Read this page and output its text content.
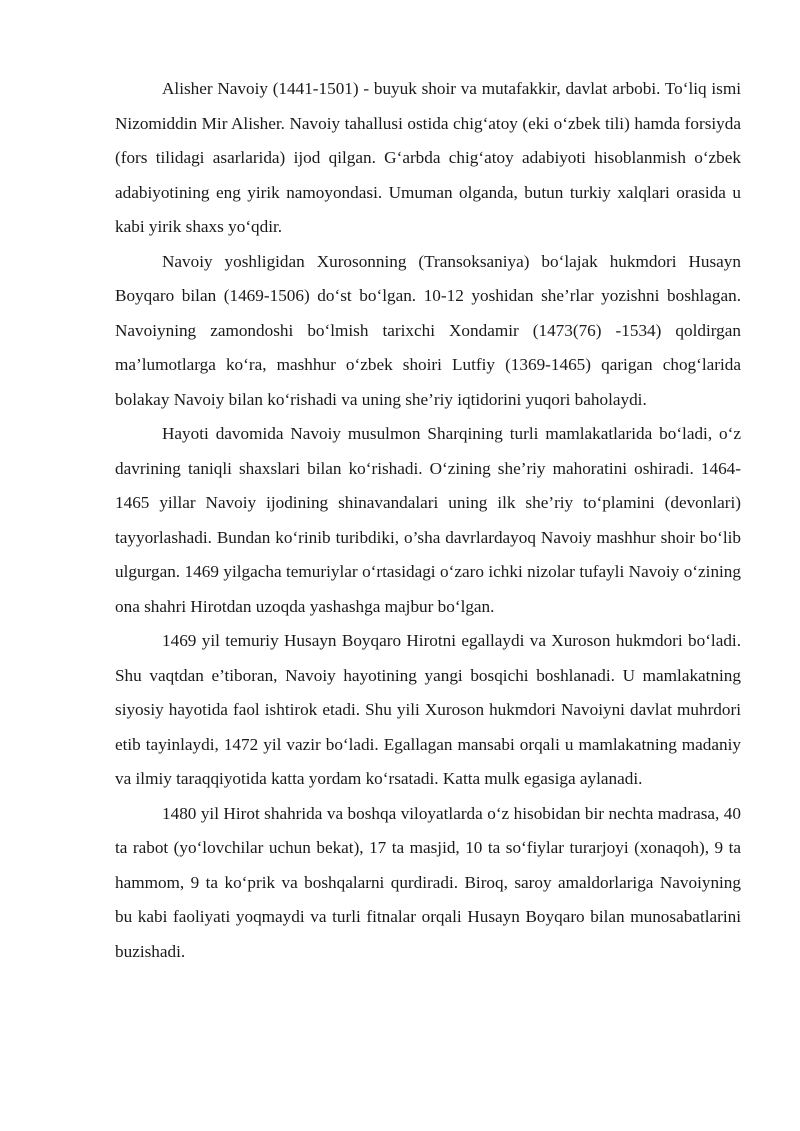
Alisher Navoiy (1441-1501) - buyuk shoir va mutafakkir, davlat arbobi. To‘liq ismi Nizomiddin Mir Alisher. Navoiy tahallusi ostida chig‘atoy (eki o‘zbek tili) hamda forsiyda (fors tilidagi asarlarida) ijod qilgan. G‘arbda chig‘atoy adabiyoti hisoblanmish o‘zbek adabiyotining eng yirik namoyondasi. Umuman olganda, butun turkiy xalqlari orasida u kabi yirik shaxs yo‘qdir.

Navoiy yoshligidan Xurosonning (Transoksaniya) bo‘lajak hukmdori Husayn Boyqaro bilan (1469-1506) do‘st bo‘lgan. 10-12 yoshidan she’rlar yozishni boshlagan. Navoiyning zamondoshi bo‘lmish tarixchi Xondamir (1473(76) -1534) qoldirgan ma’lumotlarga ko‘ra, mashhur o‘zbek shoiri Lutfiy (1369-1465) qarigan chog‘larida bolakay Navoiy bilan ko‘rishadi va uning she’riy iqtidorini yuqori baholaydi.

Hayoti davomida Navoiy musulmon Sharqining turli mamlakatlarida bo‘ladi, o‘z davrining taniqli shaxslari bilan ko‘rishadi. O‘zining she’riy mahoratini oshiradi. 1464-1465 yillar Navoiy ijodining shinavandalari uning ilk she’riy to‘plamini (devonlari) tayyorlashadi. Bundan ko‘rinib turibdiki, o’sha davrlardayoq Navoiy mashhur shoir bo‘lib ulgurgan. 1469 yilgacha temuriylar o‘rtasidagi o‘zaro ichki nizolar tufayli Navoiy o‘zining ona shahri Hirotdan uzoqda yashashga majbur bo‘lgan.

1469 yil temuriy Husayn Boyqaro Hirotni egallaydi va Xuroson hukmdori bo‘ladi. Shu vaqtdan e’tiboran, Navoiy hayotining yangi bosqichi boshlanadi. U mamlakatning siyosiy hayotida faol ishtirok etadi. Shu yili Xuroson hukmdori Navoiyni davlat muhrdori etib tayinlaydi, 1472 yil vazir bo‘ladi. Egallagan mansabi orqali u mamlakatning madaniy va ilmiy taraqqiyotida katta yordam ko‘rsatadi. Katta mulk egasiga aylanadi.

1480 yil Hirot shahrida va boshqa viloyatlarda o‘z hisobidan bir nechta madrasa, 40 ta rabot (yo‘lovchilar uchun bekat), 17 ta masjid, 10 ta so‘fiylar turarjoyi (xonaqoh), 9 ta hammom, 9 ta ko‘prik va boshqalarni qurdiradi. Biroq, saroy amaldorlariga Navoiyning bu kabi faoliyati yoqmaydi va turli fitnalar orqali Husayn Boyqaro bilan munosabatlarini buzishadi.
